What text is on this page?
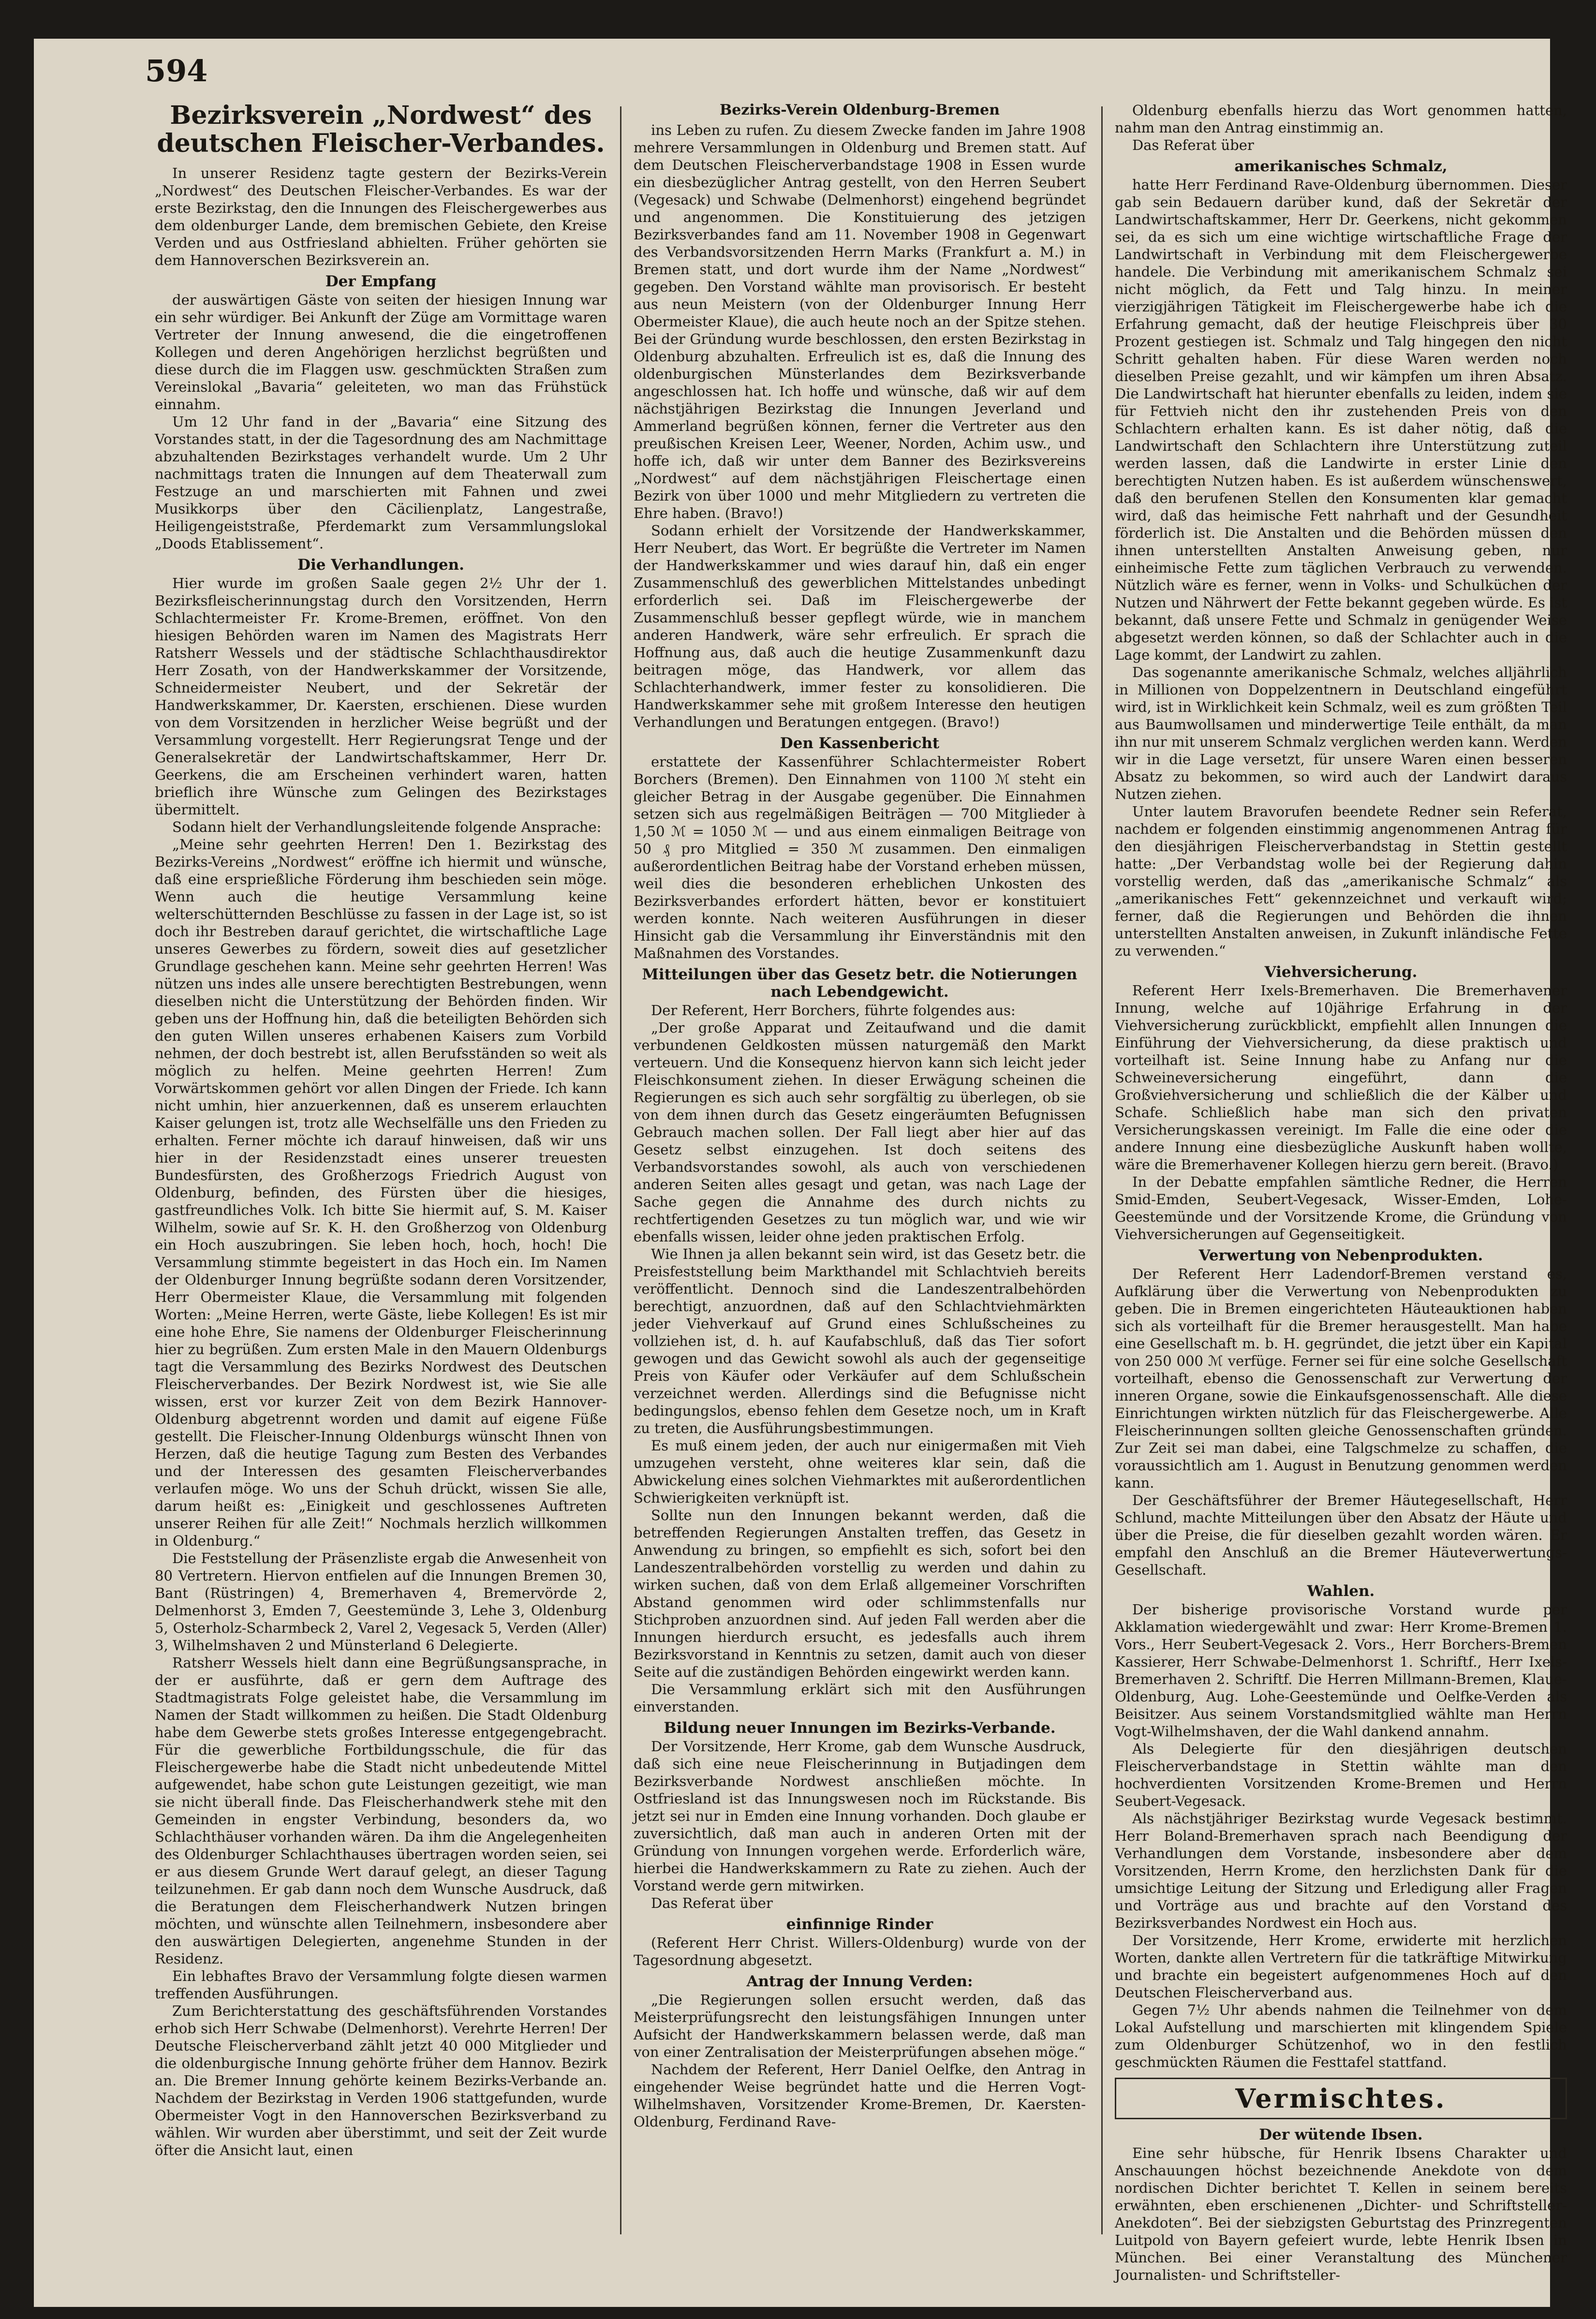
594
Bezirksverein „Nordwest“ des deutschen Fleischer-Verbandes.

In unserer Residenz tagte gestern der Bezirks-Verein „Nordwest“ des Deutschen Fleischer-Verbandes. Es war der erste Bezirkstag, den die Innungen des Fleischergewerbes aus dem oldenburger Lande, dem bremischen Gebiete, den Kreise Verden und aus Ostfriesland abhielten. Früher gehörten sie dem Hannoverschen Bezirksverein an.

Der Empfang

der auswärtigen Gäste von seiten der hiesigen Innung war ein sehr würdiger. Bei Ankunft der Züge am Vormittage waren Vertreter der Innung anwesend, die die eingetroffenen Kollegen und deren Angehörigen herzlichst begrüßten und diese durch die im Flaggen usw. geschmückten Straßen zum Vereinslokal „Bavaria“ geleiteten, wo man das Frühstück einnahm.

Um 12 Uhr fand in der „Bavaria“ eine Sitzung des Vorstandes statt, in der die Tagesordnung des am Nachmittage abzuhaltenden Bezirkstages verhandelt wurde. Um 2 Uhr nachmittags traten die Innungen auf dem Theaterwall zum Festzuge an und marschierten mit Fahnen und zwei Musikkorps über den Cäcilienplatz, Langestraße, Heiligengeiststraße, Pferdemarkt zum Versammlungslokal „Doods Etablissement“.

Die Verhandlungen.

Hier wurde im großen Saale gegen 2½ Uhr der 1. Bezirksfleischerinnungstag durch den Vorsitzenden, Herrn Schlachtermeister Fr. Krome-Bremen, eröffnet. Von den hiesigen Behörden waren im Namen des Magistrats Herr Ratsherr Wessels und der städtische Schlachthausdirektor Herr Zosath, von der Handwerkskammer der Vorsitzende, Schneidermeister Neubert, und der Sekretär der Handwerkskammer, Dr. Kaersten, erschienen. Diese wurden von dem Vorsitzenden in herzlicher Weise begrüßt und der Versammlung vorgestellt. Herr Regierungsrat Tenge und der Generalsekretär der Landwirtschaftskammer, Herr Dr. Geerkens, die am Erscheinen verhindert waren, hatten brieflich ihre Wünsche zum Gelingen des Bezirkstages übermittelt.

Sodann hielt der Verhandlungsleitende folgende Ansprache:

„Meine sehr geehrten Herren! Den 1. Bezirkstag des Bezirks-Vereins „Nordwest“ eröffne ich hiermit und wünsche, daß eine ersprießliche Förderung ihm beschieden sein möge. Wenn auch die heutige Versammlung keine welterschütternden Beschlüsse zu fassen in der Lage ist, so ist doch ihr Bestreben darauf gerichtet, die wirtschaftliche Lage unseres Gewerbes zu fördern, soweit dies auf gesetzlicher Grundlage geschehen kann. Meine sehr geehrten Herren! Was nützen uns indes alle unsere berechtigten Bestrebungen, wenn dieselben nicht die Unterstützung der Behörden finden. Wir geben uns der Hoffnung hin, daß die beteiligten Behörden sich den guten Willen unseres erhabenen Kaisers zum Vorbild nehmen, der doch bestrebt ist, allen Berufsständen so weit als möglich zu helfen. Meine geehrten Herren! Zum Vorwärtskommen gehört vor allen Dingen der Friede. Ich kann nicht umhin, hier anzuerkennen, daß es unserem erlauchten Kaiser gelungen ist, trotz alle Wechselfälle uns den Frieden zu erhalten. Ferner möchte ich darauf hinweisen, daß wir uns hier in der Residenzstadt eines unserer treuesten Bundesfürsten, des Großherzogs Friedrich August von Oldenburg, befinden, des Fürsten über die hiesiges, gastfreundliches Volk. Ich bitte Sie hiermit auf, S. M. Kaiser Wilhelm, sowie auf Sr. K. H. den Großherzog von Oldenburg ein Hoch auszubringen. Sie leben hoch, hoch, hoch! Die Versammlung stimmte begeistert in das Hoch ein. Im Namen der Oldenburger Innung begrüßte sodann deren Vorsitzender, Herr Obermeister Klaue, die Versammlung mit folgenden Worten: „Meine Herren, werte Gäste, liebe Kollegen! Es ist mir eine hohe Ehre, Sie namens der Oldenburger Fleischerinnung hier zu begrüßen. Zum ersten Male in den Mauern Oldenburgs tagt die Versammlung des Bezirks Nordwest des Deutschen Fleischerverbandes. Der Bezirk Nordwest ist, wie Sie alle wissen, erst vor kurzer Zeit von dem Bezirk Hannover-Oldenburg abgetrennt worden und damit auf eigene Füße gestellt. Die Fleischer-Innung Oldenburgs wünscht Ihnen von Herzen, daß die heutige Tagung zum Besten des Verbandes und der Interessen des gesamten Fleischerverbandes verlaufen möge. Wo uns der Schuh drückt, wissen Sie alle, darum heißt es: „Einigkeit und geschlossenes Auftreten unserer Reihen für alle Zeit!“ Nochmals herzlich willkommen in Oldenburg.“

Die Feststellung der Präsenzliste ergab die Anwesenheit von 80 Vertretern. Hiervon entfielen auf die Innungen Bremen 30, Bant (Rüstringen) 4, Bremerhaven 4, Bremervörde 2, Delmenhorst 3, Emden 7, Geestemünde 3, Lehe 3, Oldenburg 5, Osterholz-Scharmbeck 2, Varel 2, Vegesack 5, Verden (Aller) 3, Wilhelmshaven 2 und Münsterland 6 Delegierte.

Ratsherr Wessels hielt dann eine Begrüßungsansprache, in der er ausführte, daß er gern dem Auftrage des Stadtmagistrats Folge geleistet habe, die Versammlung im Namen der Stadt willkommen zu heißen. Die Stadt Oldenburg habe dem Gewerbe stets großes Interesse entgegengebracht. Für die gewerbliche Fortbildungsschule, die für das Fleischergewerbe habe die Stadt nicht unbedeutende Mittel aufgewendet, habe schon gute Leistungen gezeitigt, wie man sie nicht überall finde. Das Fleischerhandwerk stehe mit den Gemeinden in engster Verbindung, besonders da, wo Schlachthäuser vorhanden wären. Da ihm die Angelegenheiten des Oldenburger Schlachthauses übertragen worden seien, sei er aus diesem Grunde Wert darauf gelegt, an dieser Tagung teilzunehmen. Er gab dann noch dem Wunsche Ausdruck, daß die Beratungen dem Fleischerhandwerk Nutzen bringen möchten, und wünschte allen Teilnehmern, insbesondere aber den auswärtigen Delegierten, angenehme Stunden in der Residenz.

Ein lebhaftes Bravo der Versammlung folgte diesen warmen treffenden Ausführungen.

Zum Berichterstattung des geschäftsführenden Vorstandes erhob sich Herr Schwabe (Delmenhorst). Verehrte Herren! Der Deutsche Fleischerverband zählt jetzt 40 000 Mitglieder und die oldenburgische Innung gehörte früher dem Hannov. Bezirk an. Die Bremer Innung gehörte keinem Bezirks-Verbande an. Nachdem der Bezirkstag in Verden 1906 stattgefunden, wurde Obermeister Vogt in den Hannoverschen Bezirksverband zu wählen. Wir wurden aber überstimmt, und seit der Zeit wurde öfter die Ansicht laut, einen

Bezirks-Verein Oldenburg-Bremen

ins Leben zu rufen. Zu diesem Zwecke fanden im Jahre 1908 mehrere Versammlungen in Oldenburg und Bremen statt. Auf dem Deutschen Fleischerverbandstage 1908 in Essen wurde ein diesbezüglicher Antrag gestellt, von den Herren Seubert (Vegesack) und Schwabe (Delmenhorst) eingehend begründet und angenommen. Die Konstituierung des jetzigen Bezirksverbandes fand am 11. November 1908 in Gegenwart des Verbandsvorsitzenden Herrn Marks (Frankfurt a. M.) in Bremen statt, und dort wurde ihm der Name „Nordwest“ gegeben. Den Vorstand wählte man provisorisch. Er besteht aus neun Meistern (von der Oldenburger Innung Herr Obermeister Klaue), die auch heute noch an der Spitze stehen. Bei der Gründung wurde beschlossen, den ersten Bezirkstag in Oldenburg abzuhalten. Erfreulich ist es, daß die Innung des oldenburgischen Münsterlandes dem Bezirksverbande angeschlossen hat. Ich hoffe und wünsche, daß wir auf dem nächstjährigen Bezirkstag die Innungen Jeverland und Ammerland begrüßen können, ferner die Vertreter aus den preußischen Kreisen Leer, Weener, Norden, Achim usw., und hoffe ich, daß wir unter dem Banner des Bezirksvereins „Nordwest“ auf dem nächstjährigen Fleischertage einen Bezirk von über 1000 und mehr Mitgliedern zu vertreten die Ehre haben. (Bravo!)

Sodann erhielt der Vorsitzende der Handwerkskammer, Herr Neubert, das Wort. Er begrüßte die Vertreter im Namen der Handwerkskammer und wies darauf hin, daß ein enger Zusammenschluß des gewerblichen Mittelstandes unbedingt erforderlich sei. Daß im Fleischergewerbe der Zusammenschluß besser gepflegt würde, wie in manchem anderen Handwerk, wäre sehr erfreulich. Er sprach die Hoffnung aus, daß auch die heutige Zusammenkunft dazu beitragen möge, das Handwerk, vor allem das Schlachterhandwerk, immer fester zu konsolidieren. Die Handwerkskammer sehe mit großem Interesse den heutigen Verhandlungen und Beratungen entgegen. (Bravo!)

Den Kassenbericht

erstattete der Kassenführer Schlachtermeister Robert Borchers (Bremen). Den Einnahmen von 1100 ℳ steht ein gleicher Betrag in der Ausgabe gegenüber. Die Einnahmen setzen sich aus regelmäßigen Beiträgen — 700 Mitglieder à 1,50 ℳ = 1050 ℳ — und aus einem einmaligen Beitrage von 50 ₰ pro Mitglied = 350 ℳ zusammen. Den einmaligen außerordentlichen Beitrag habe der Vorstand erheben müssen, weil dies die besonderen erheblichen Unkosten des Bezirksverbandes erfordert hätten, bevor er konstituiert werden konnte. Nach weiteren Ausführungen in dieser Hinsicht gab die Versammlung ihr Einverständnis mit den Maßnahmen des Vorstandes.

Mitteilungen über das Gesetz betr. die Notierungen nach Lebendgewicht.

Der Referent, Herr Borchers, führte folgendes aus:

„Der große Apparat und Zeitaufwand und die damit verbundenen Geldkosten müssen naturgemäß den Markt verteuern. Und die Konsequenz hiervon kann sich leicht jeder Fleischkonsument ziehen. In dieser Erwägung scheinen die Regierungen es sich auch sehr sorgfältig zu überlegen, ob sie von dem ihnen durch das Gesetz eingeräumten Befugnissen Gebrauch machen sollen. Der Fall liegt aber hier auf das Gesetz selbst einzugehen. Ist doch seitens des Verbandsvorstandes sowohl, als auch von verschiedenen anderen Seiten alles gesagt und getan, was nach Lage der Sache gegen die Annahme des durch nichts zu rechtfertigenden Gesetzes zu tun möglich war, und wie wir ebenfalls wissen, leider ohne jeden praktischen Erfolg.

Wie Ihnen ja allen bekannt sein wird, ist das Gesetz betr. die Preisfeststellung beim Markthandel mit Schlachtvieh bereits veröffentlicht. Dennoch sind die Landeszentralbehörden berechtigt, anzuordnen, daß auf den Schlachtviehmärkten jeder Viehverkauf auf Grund eines Schlußscheines zu vollziehen ist, d. h. auf Kaufabschluß, daß das Tier sofort gewogen und das Gewicht sowohl als auch der gegenseitige Preis von Käufer oder Verkäufer auf dem Schlußschein verzeichnet werden. Allerdings sind die Befugnisse nicht bedingungslos, ebenso fehlen dem Gesetze noch, um in Kraft zu treten, die Ausführungsbestimmungen.

Es muß einem jeden, der auch nur einigermaßen mit Vieh umzugehen versteht, ohne weiteres klar sein, daß die Abwickelung eines solchen Viehmarktes mit außerordentlichen Schwierigkeiten verknüpft ist.

Sollte nun den Innungen bekannt werden, daß die betreffenden Regierungen Anstalten treffen, das Gesetz in Anwendung zu bringen, so empfiehlt es sich, sofort bei den Landeszentralbehörden vorstellig zu werden und dahin zu wirken suchen, daß von dem Erlaß allgemeiner Vorschriften Abstand genommen wird oder schlimmstenfalls nur Stichproben anzuordnen sind. Auf jeden Fall werden aber die Innungen hierdurch ersucht, es jedesfalls auch ihrem Bezirksvorstand in Kenntnis zu setzen, damit auch von dieser Seite auf die zuständigen Behörden eingewirkt werden kann.

Die Versammlung erklärt sich mit den Ausführungen einverstanden.

Bildung neuer Innungen im Bezirks-Verbande.

Der Vorsitzende, Herr Krome, gab dem Wunsche Ausdruck, daß sich eine neue Fleischerinnung in Butjadingen dem Bezirksverbande Nordwest anschließen möchte. In Ostfriesland ist das Innungswesen noch im Rückstande. Bis jetzt sei nur in Emden eine Innung vorhanden. Doch glaube er zuversichtlich, daß man auch in anderen Orten mit der Gründung von Innungen vorgehen werde. Erforderlich wäre, hierbei die Handwerkskammern zu Rate zu ziehen. Auch der Vorstand werde gern mitwirken.

Das Referat über

einfinnige Rinder

(Referent Herr Christ. Willers-Oldenburg) wurde von der Tagesordnung abgesetzt.

Antrag der Innung Verden:

„Die Regierungen sollen ersucht werden, daß das Meisterprüfungsrecht den leistungsfähigen Innungen unter Aufsicht der Handwerkskammern belassen werde, daß man von einer Zentralisation der Meisterprüfungen absehen möge.“

Nachdem der Referent, Herr Daniel Oelfke, den Antrag in eingehender Weise begründet hatte und die Herren Vogt-Wilhelmshaven, Vorsitzender Krome-Bremen, Dr. Kaersten-Oldenburg, Ferdinand Rave-

Oldenburg ebenfalls hierzu das Wort genommen hatten, nahm man den Antrag einstimmig an.

Das Referat über

amerikanisches Schmalz,

hatte Herr Ferdinand Rave-Oldenburg übernommen. Dieser gab sein Bedauern darüber kund, daß der Sekretär der Landwirtschaftskammer, Herr Dr. Geerkens, nicht gekommen sei, da es sich um eine wichtige wirtschaftliche Frage der Landwirtschaft in Verbindung mit dem Fleischergewerbe handele. Die Verbindung mit amerikanischem Schmalz sei nicht möglich, da Fett und Talg hinzu. In meiner vierzigjährigen Tätigkeit im Fleischergewerbe habe ich die Erfahrung gemacht, daß der heutige Fleischpreis über 30 Prozent gestiegen ist. Schmalz und Talg hingegen den nicht Schritt gehalten haben. Für diese Waren werden noch dieselben Preise gezahlt, und wir kämpfen um ihren Absatz. Die Landwirtschaft hat hierunter ebenfalls zu leiden, indem sie für Fettvieh nicht den ihr zustehenden Preis von den Schlachtern erhalten kann. Es ist daher nötig, daß die Landwirtschaft den Schlachtern ihre Unterstützung zuteil werden lassen, daß die Landwirte in erster Linie den berechtigten Nutzen haben. Es ist außerdem wünschenswert, daß den berufenen Stellen den Konsumenten klar gemacht wird, daß das heimische Fett nahrhaft und der Gesundheit förderlich ist. Die Anstalten und die Behörden müssen den ihnen unterstellten Anstalten Anweisung geben, nur einheimische Fette zum täglichen Verbrauch zu verwenden. Nützlich wäre es ferner, wenn in Volks- und Schulküchen der Nutzen und Nährwert der Fette bekannt gegeben würde. Es ist bekannt, daß unsere Fette und Schmalz in genügender Weise abgesetzt werden können, so daß der Schlachter auch in die Lage kommt, der Landwirt zu zahlen.

Das sogenannte amerikanische Schmalz, welches alljährlich in Millionen von Doppelzentnern in Deutschland eingeführt wird, ist in Wirklichkeit kein Schmalz, weil es zum größten Teil aus Baumwollsamen und minderwertige Teile enthält, da man ihn nur mit unserem Schmalz verglichen werden kann. Werden wir in die Lage versetzt, für unsere Waren einen besseren Absatz zu bekommen, so wird auch der Landwirt daraus Nutzen ziehen.

Unter lautem Bravorufen beendete Redner sein Referat, nachdem er folgenden einstimmig angenommenen Antrag für den diesjährigen Fleischerverbandstag in Stettin gestellt hatte: „Der Verbandstag wolle bei der Regierung dahin vorstellig werden, daß das „amerikanische Schmalz“ als „amerikanisches Fett“ gekennzeichnet und verkauft wird; ferner, daß die Regierungen und Behörden die ihnen unterstellten Anstalten anweisen, in Zukunft inländische Fette zu verwenden.“

Viehversicherung.

Referent Herr Ixels-Bremerhaven. Die Bremerhavener Innung, welche auf 10jährige Erfahrung in der Viehversicherung zurückblickt, empfiehlt allen Innungen die Einführung der Viehversicherung, da diese praktisch und vorteilhaft ist. Seine Innung habe zu Anfang nur die Schweineversicherung eingeführt, dann die Großviehversicherung und schließlich die der Kälber und Schafe. Schließlich habe man sich den privaten Versicherungskassen vereinigt. Im Falle die eine oder die andere Innung eine diesbezügliche Auskunft haben wollte, wäre die Bremerhavener Kollegen hierzu gern bereit. (Bravo.)

In der Debatte empfahlen sämtliche Redner, die Herren Smid-Emden, Seubert-Vegesack, Wisser-Emden, Lohe-Geestemünde und der Vorsitzende Krome, die Gründung von Viehversicherungen auf Gegenseitigkeit.

Verwertung von Nebenprodukten.

Der Referent Herr Ladendorf-Bremen verstand es, Aufklärung über die Verwertung von Nebenprodukten zu geben. Die in Bremen eingerichteten Häuteauktionen haben sich als vorteilhaft für die Bremer herausgestellt. Man habe eine Gesellschaft m. b. H. gegründet, die jetzt über ein Kapital von 250 000 ℳ verfüge. Ferner sei für eine solche Gesellschaft vorteilhaft, ebenso die Genossenschaft zur Verwertung der inneren Organe, sowie die Einkaufsgenossenschaft. Alle diese Einrichtungen wirkten nützlich für das Fleischergewerbe. Alle Fleischerinnungen sollten gleiche Genossenschaften gründen. Zur Zeit sei man dabei, eine Talgschmelze zu schaffen, die voraussichtlich am 1. August in Benutzung genommen werden kann.

Der Geschäftsführer der Bremer Häutegesellschaft, Herr Schlund, machte Mitteilungen über den Absatz der Häute und über die Preise, die für dieselben gezahlt worden wären. Er empfahl den Anschluß an die Bremer Häuteverwertungs-Gesellschaft.

Wahlen.

Der bisherige provisorische Vorstand wurde per Akklamation wiedergewählt und zwar: Herr Krome-Bremen 1. Vors., Herr Seubert-Vegesack 2. Vors., Herr Borchers-Bremen Kassierer, Herr Schwabe-Delmenhorst 1. Schriftf., Herr Ixels-Bremerhaven 2. Schriftf. Die Herren Millmann-Bremen, Klaue-Oldenburg, Aug. Lohe-Geestemünde und Oelfke-Verden als Beisitzer. Aus seinem Vorstandsmitglied wählte man Herrn Vogt-Wilhelmshaven, der die Wahl dankend annahm.

Als Delegierte für den diesjährigen deutschen Fleischerverbandstage in Stettin wählte man den hochverdienten Vorsitzenden Krome-Bremen und Herrn Seubert-Vegesack.

Als nächstjähriger Bezirkstag wurde Vegesack bestimmt. Herr Boland-Bremerhaven sprach nach Beendigung der Verhandlungen dem Vorstande, insbesondere aber dem Vorsitzenden, Herrn Krome, den herzlichsten Dank für die umsichtige Leitung der Sitzung und Erledigung aller Fragen und Vorträge aus und brachte auf den Vorstand des Bezirksverbandes Nordwest ein Hoch aus.

Der Vorsitzende, Herr Krome, erwiderte mit herzlichen Worten, dankte allen Vertretern für die tatkräftige Mitwirkung und brachte ein begeistert aufgenommenes Hoch auf den Deutschen Fleischerverband aus.

Gegen 7½ Uhr abends nahmen die Teilnehmer von dem Lokal Aufstellung und marschierten mit klingendem Spiele zum Oldenburger Schützenhof, wo in den festlich geschmückten Räumen die Festtafel stattfand.

Vermischtes.
Der wütende Ibsen.

Eine sehr hübsche, für Henrik Ibsens Charakter und Anschauungen höchst bezeichnende Anekdote von dem nordischen Dichter berichtet T. Kellen in seinem bereits erwähnten, eben erschienenen „Dichter- und Schriftsteller-Anekdoten“. Bei der siebzigsten Geburtstag des Prinzregenten Luitpold von Bayern gefeiert wurde, lebte Henrik Ibsen in München. Bei einer Veranstaltung des Münchener Journalisten- und Schriftsteller-
